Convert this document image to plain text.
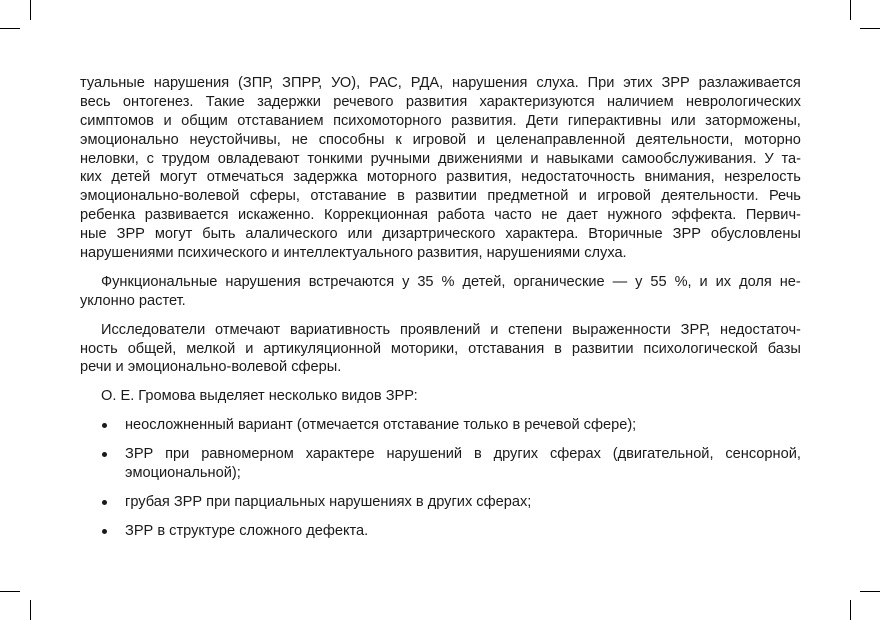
туальные нарушения (ЗПР, ЗПРР, УО), РАС, РДА, нарушения слуха. При этих ЗРР разлаживается
весь онтогенез. Такие задержки речевого развития характеризуются наличием неврологических
симптомов и общим отставанием психомоторного развития. Дети гиперактивны или заторможены,
эмоционально неустойчивы, не способны к игровой и целенаправленной деятельности, моторно
неловки, с трудом овладевают тонкими ручными движениями и навыками самообслуживания. У та-
ких детей могут отмечаться задержка моторного развития, недостаточность внимания, незрелость
эмоционально-волевой сферы, отставание в развитии предметной и игровой деятельности. Речь
ребенка развивается искаженно. Коррекционная работа часто не дает нужного эффекта. Первич-
ные ЗРР могут быть алалического или дизартрического характера. Вторичные ЗРР обусловлены
нарушениями психического и интеллектуального развития, нарушениями слуха.
Функциональные нарушения встречаются у 35 % детей, органические — у 55 %, и их доля не-
уклонно растет.
Исследователи отмечают вариативность проявлений и степени выраженности ЗРР, недостаточ-
ность общей, мелкой и артикуляционной моторики, отставания в развитии психологической базы
речи и эмоционально-волевой сферы.
О. Е. Громова выделяет несколько видов ЗРР:
неосложненный вариант (отмечается отставание только в речевой сфере);
ЗРР при равномерном характере нарушений в других сферах (двигательной, сенсорной,
эмоциональной);
грубая ЗРР при парциальных нарушениях в других сферах;
ЗРР в структуре сложного дефекта.
